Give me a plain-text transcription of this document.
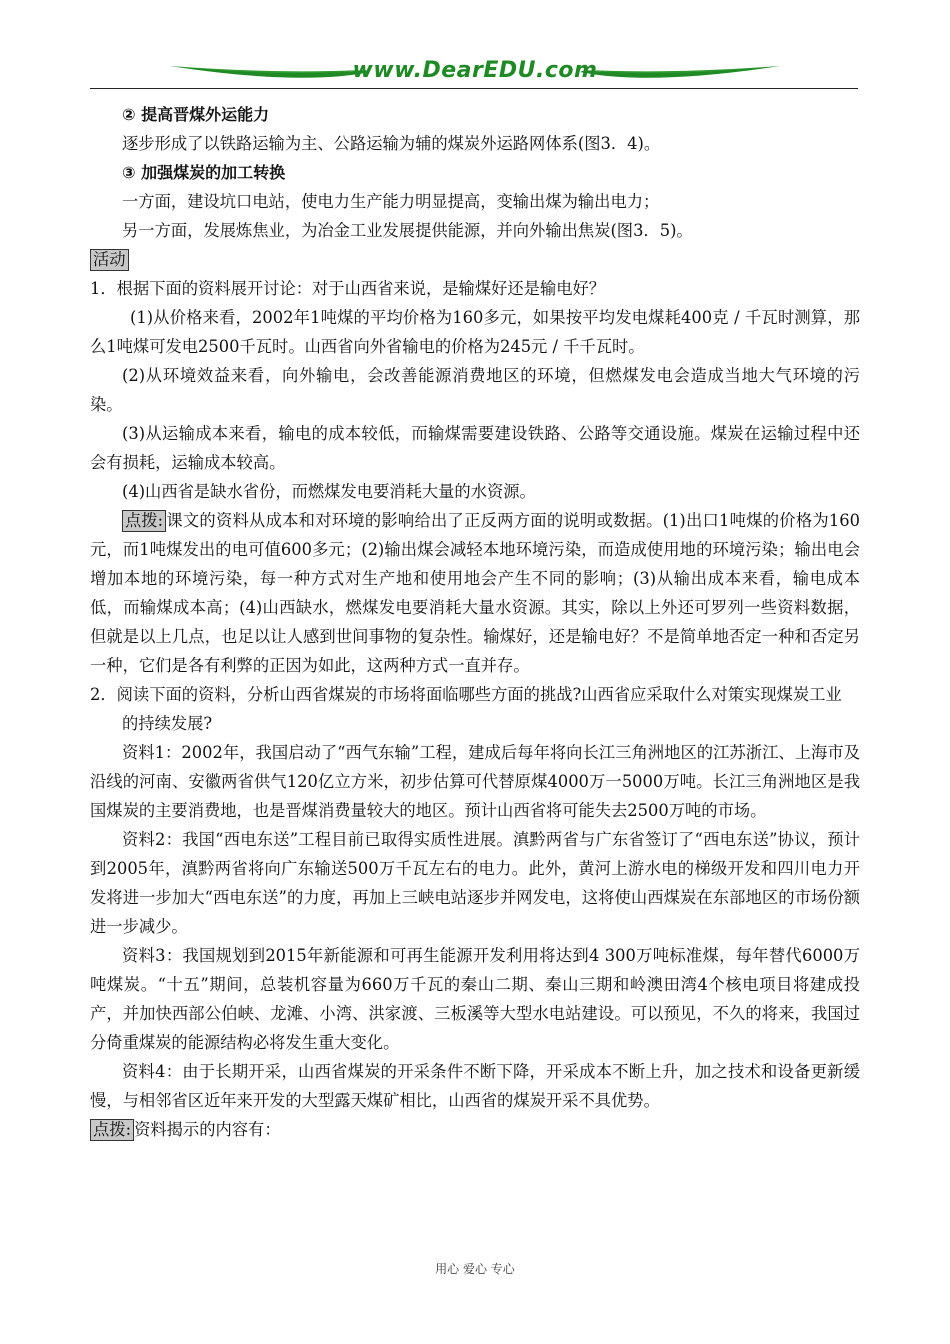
www.DearEDU.com

② 提高晋煤外运能力

逐步形成了以铁路运输为主、公路运输为辅的煤炭外运路网体系(图3．4)。

③ 加强煤炭的加工转换

一方面，建设坑口电站，使电力生产能力明显提高，变输出煤为输出电力；

另一方面，发展炼焦业，为冶金工业发展提供能源，并向外输出焦炭(图3．5)。

活动

1．根据下面的资料展开讨论：对于山西省来说，是输煤好还是输电好？

(1)从价格来看，2002年1吨煤的平均价格为160多元，如果按平均发电煤耗400克 / 千瓦时测算，那么1吨煤可发电2500千瓦时。山西省向外省输电的价格为245元 / 千千瓦时。

(2)从环境效益来看，向外输电，会改善能源消费地区的环境，但燃煤发电会造成当地大气环境的污染。

(3)从运输成本来看，输电的成本较低，而输煤需要建设铁路、公路等交通设施。煤炭在运输过程中还会有损耗，运输成本较高。

(4)山西省是缺水省份，而燃煤发电要消耗大量的水资源。

点拨: 课文的资料从成本和对环境的影响给出了正反两方面的说明或数据。(1)出口1吨煤的价格为160元，而1吨煤发出的电可值600多元；(2)输出煤会减轻本地环境污染，而造成使用地的环境污染；输出电会增加本地的环境污染，每一种方式对生产地和使用地会产生不同的影响；(3)从输出成本来看，输电成本低，而输煤成本高；(4)山西缺水，燃煤发电要消耗大量水资源。其实，除以上外还可罗列一些资料数据，但就是以上几点，也足以让人感到世间事物的复杂性。输煤好，还是输电好？不是简单地否定一种和否定另一种，它们是各有利弊的正因为如此，这两种方式一直并存。

2．阅读下面的资料，分析山西省煤炭的市场将面临哪些方面的挑战?山西省应采取什么对策实现煤炭工业

的持续发展?

资料1：2002年，我国启动了“西气东输”工程，建成后每年将向长江三角洲地区的江苏浙江、上海市及沿线的河南、安徽两省供气120亿立方米，初步估算可代替原煤4000万一5000万吨。长江三角洲地区是我国煤炭的主要消费地，也是晋煤消费量较大的地区。预计山西省将可能失去2500万吨的市场。

资料2：我国“西电东送”工程目前已取得实质性进展。滇黔两省与广东省签订了“西电东送”协议，预计到2005年，滇黔两省将向广东输送500万千瓦左右的电力。此外，黄河上游水电的梯级开发和四川电力开发将进一步加大“西电东送”的力度，再加上三峡电站逐步并网发电，这将使山西煤炭在东部地区的市场份额进一步减少。

资料3：我国规划到2015年新能源和可再生能源开发利用将达到4 300万吨标准煤，每年替代6000万吨煤炭。“十五”期间，总装机容量为660万千瓦的秦山二期、秦山三期和岭澳田湾4个核电项目将建成投产，并加快西部公伯峡、龙滩、小湾、洪家渡、三板溪等大型水电站建设。可以预见，不久的将来，我国过分倚重煤炭的能源结构必将发生重大变化。

资料4：由于长期开采，山西省煤炭的开采条件不断下降，开采成本不断上升，加之技术和设备更新缓慢，与相邻省区近年来开发的大型露天煤矿相比，山西省的煤炭开采不具优势。

点拨: 资料揭示的内容有：

用心 爱心 专心
